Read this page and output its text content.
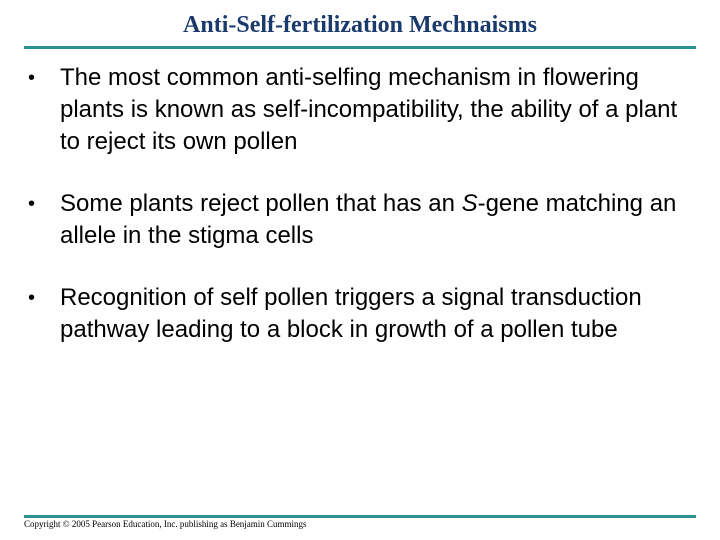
Anti-Self-fertilization Mechnaisms
•	The most common anti-selfing mechanism in flowering plants is known as self-incompatibility, the ability of a plant to reject its own pollen
•	Some plants reject pollen that has an S-gene matching an allele in the stigma cells
•	Recognition of self pollen triggers a signal transduction pathway leading to a block in growth of a pollen tube
Copyright © 2005 Pearson Education, Inc. publishing as Benjamin Cummings
